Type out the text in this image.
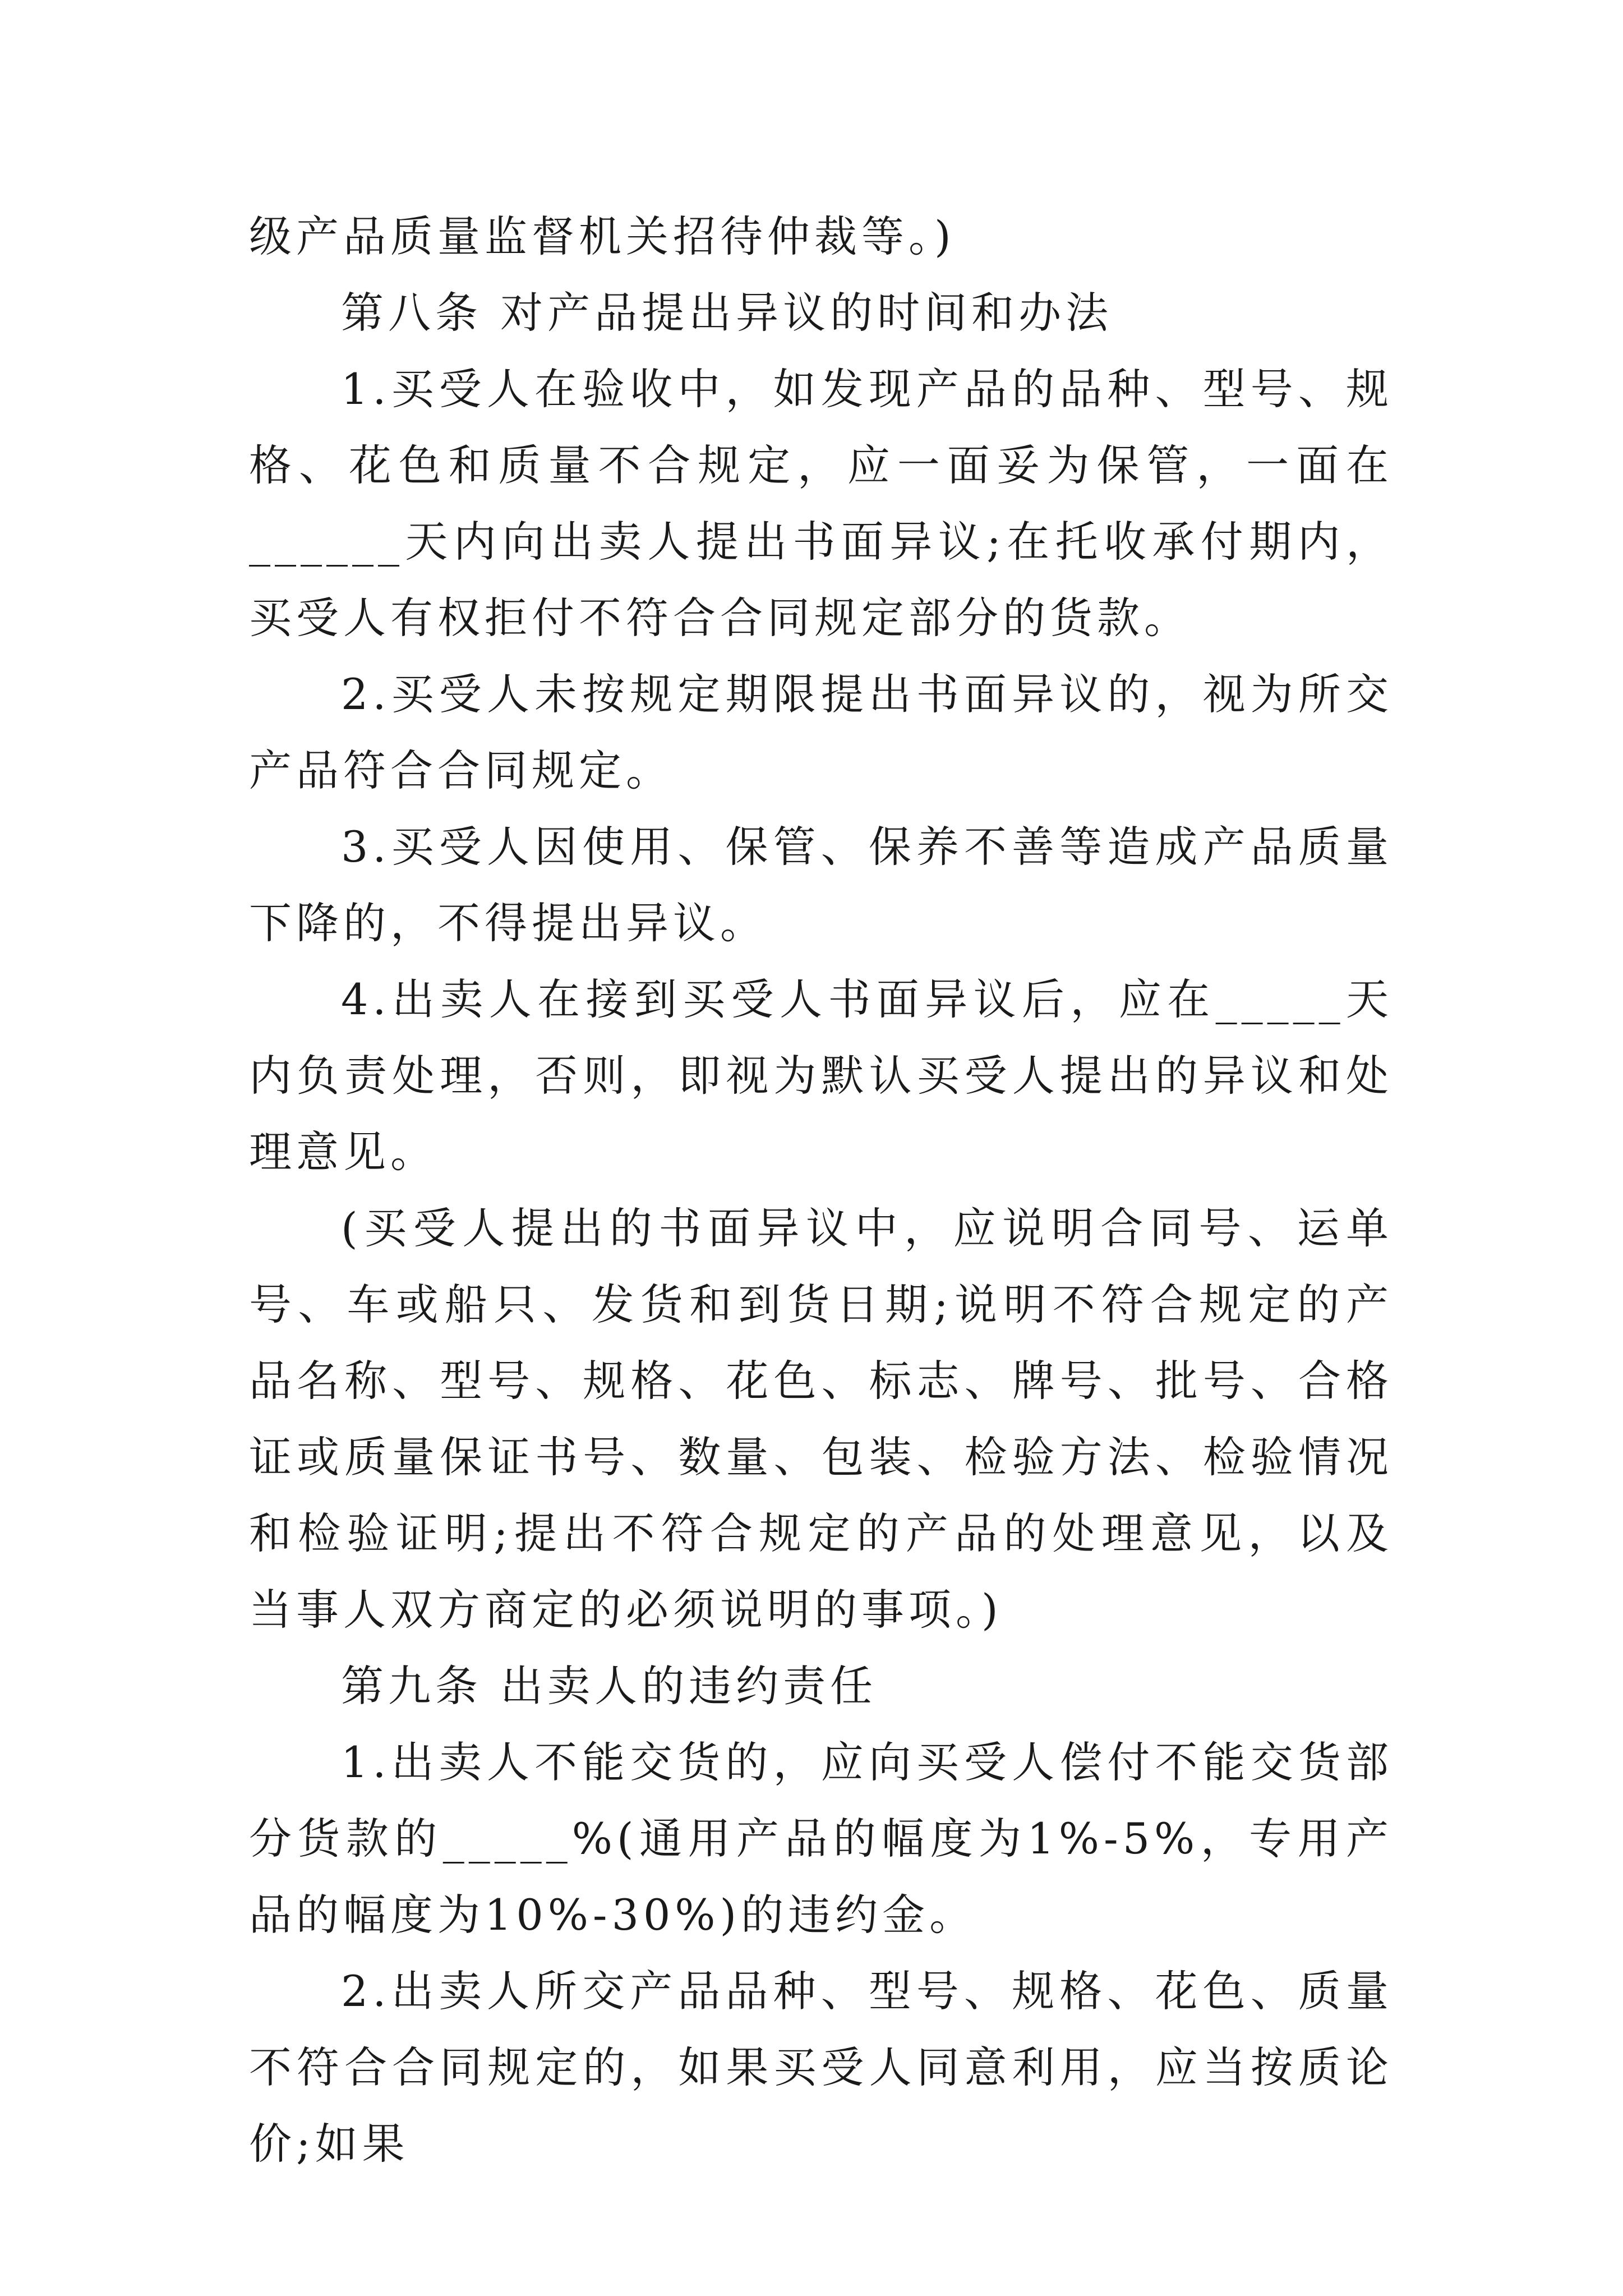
级产品质量监督机关招待仲裁等。)

第八条 对产品提出异议的时间和办法

1.买受人在验收中，如发现产品的品种、型号、规格、花色和质量不合规定，应一面妥为保管，一面在______天内向出卖人提出书面异议;在托收承付期内，买受人有权拒付不符合合同规定部分的货款。

2.买受人未按规定期限提出书面异议的，视为所交产品符合合同规定。

3.买受人因使用、保管、保养不善等造成产品质量下降的，不得提出异议。

4.出卖人在接到买受人书面异议后，应在_____天内负责处理，否则，即视为默认买受人提出的异议和处理意见。

(买受人提出的书面异议中，应说明合同号、运单号、车或船只、发货和到货日期;说明不符合规定的产品名称、型号、规格、花色、标志、牌号、批号、合格证或质量保证书号、数量、包装、检验方法、检验情况和检验证明;提出不符合规定的产品的处理意见，以及当事人双方商定的必须说明的事项。)

第九条 出卖人的违约责任

1.出卖人不能交货的，应向买受人偿付不能交货部分货款的_____%(通用产品的幅度为1%-5%，专用产品的幅度为10%-30%)的违约金。

2.出卖人所交产品品种、型号、规格、花色、质量不符合合同规定的，如果买受人同意利用，应当按质论价;如果
